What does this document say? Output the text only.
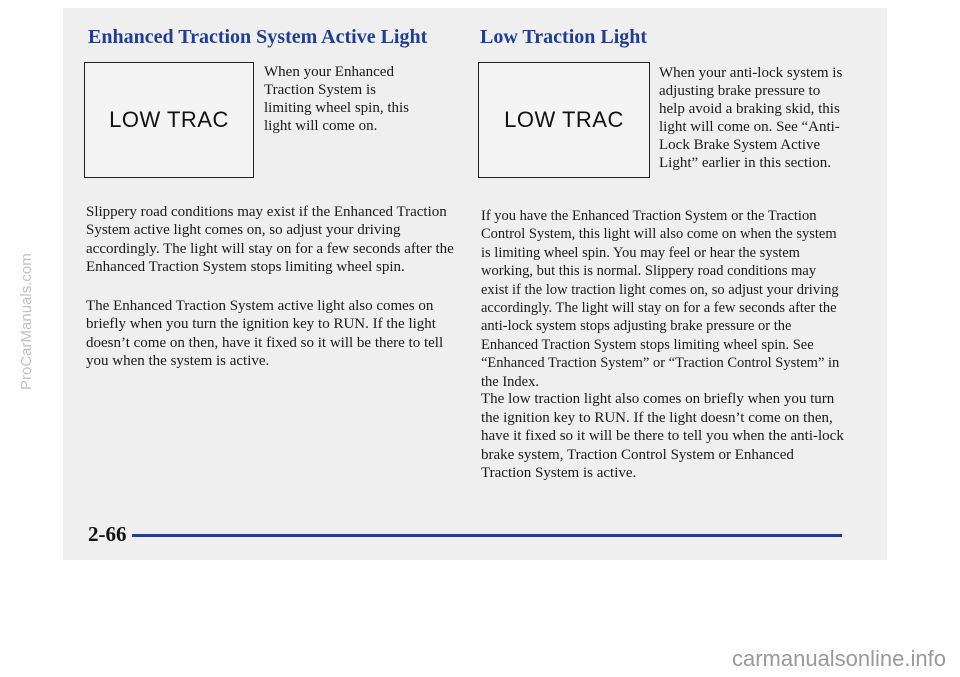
Enhanced Traction System Active Light
LOW TRAC

When your Enhanced Traction System is limiting wheel spin, this light will come on.

Slippery road conditions may exist if the Enhanced Traction System active light comes on, so adjust your driving accordingly. The light will stay on for a few seconds after the Enhanced Traction System stops limiting wheel spin.

The Enhanced Traction System active light also comes on briefly when you turn the ignition key to RUN. If the light doesn’t come on then, have it fixed so it will be there to tell you when the system is active.

Low Traction Light
LOW TRAC

When your anti-lock system is adjusting brake pressure to help avoid a braking skid, this light will come on. See “Anti-Lock Brake System Active Light” earlier in this section.

If you have the Enhanced Traction System or the Traction Control System, this light will also come on when the system is limiting wheel spin. You may feel or hear the system working, but this is normal. Slippery road conditions may exist if the low traction light comes on, so adjust your driving accordingly. The light will stay on for a few seconds after the anti-lock system stops adjusting brake pressure or the Enhanced Traction System stops limiting wheel spin. See “Enhanced Traction System” or “Traction Control System” in the Index.

The low traction light also comes on briefly when you turn the ignition key to RUN. If the light doesn’t come on then, have it fixed so it will be there to tell you when the anti-lock brake system, Traction Control System or Enhanced Traction System is active.

2-66
ProCarManuals.com
carmanualsonline.info
